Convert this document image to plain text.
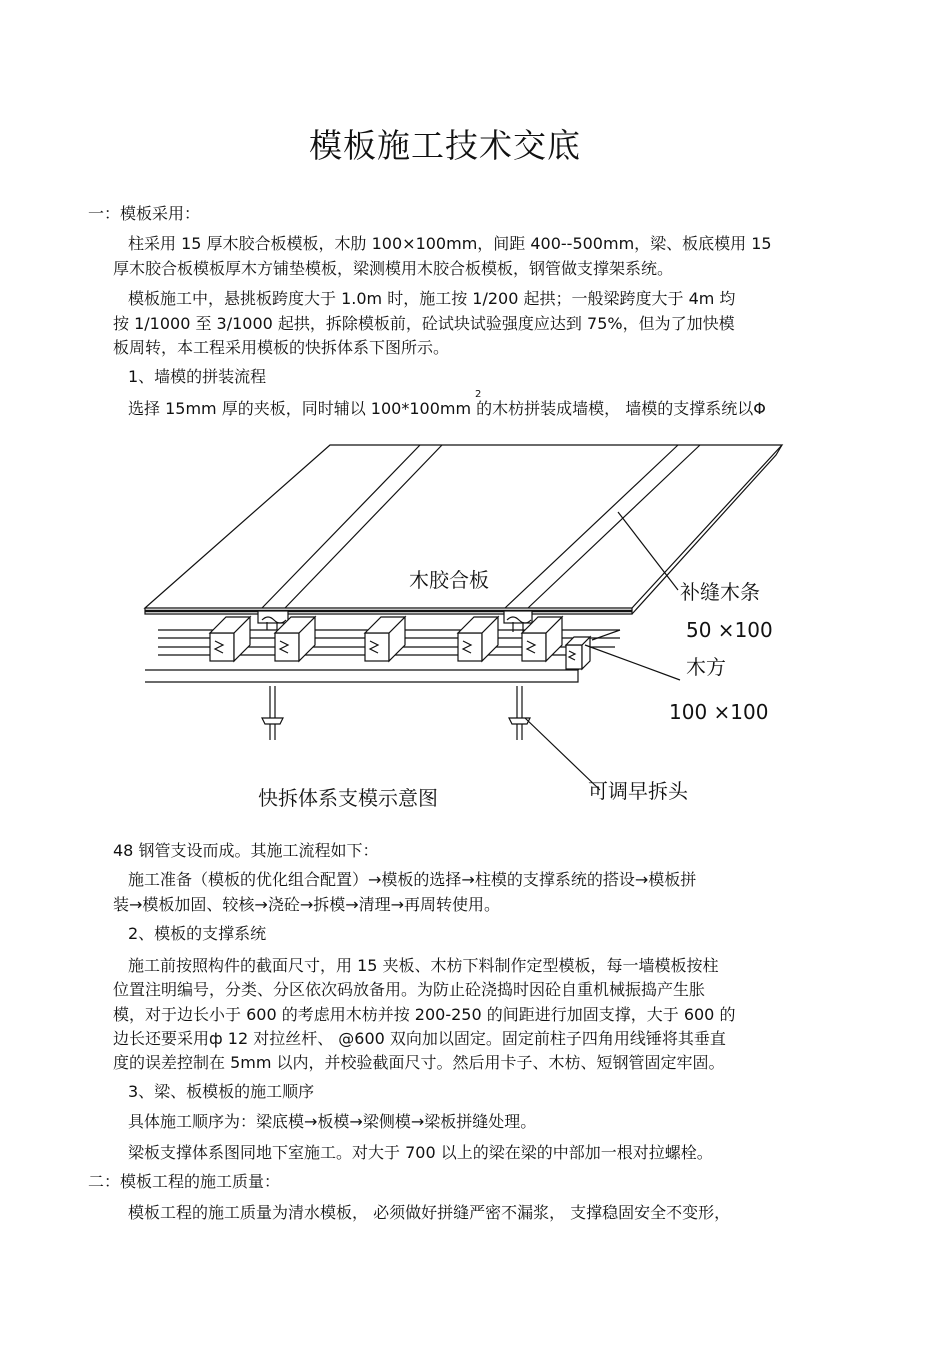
模板施工技术交底
一：模板采用：
柱采用 15 厚木胶合板模板，木肋 100×100mm，间距 400--500mm，梁、板底模用 15
厚木胶合板模板厚木方铺垫模板，梁测模用木胶合板模板，钢管做支撑架系统。
模板施工中，悬挑板跨度大于 1.0m 时，施工按 1/200 起拱；一般梁跨度大于 4m 均
按 1/1000 至 3/1000 起拱，拆除模板前，砼试块试验强度应达到 75%，但为了加快模
板周转，本工程采用模板的快拆体系下图所示。
1、墙模的拼装流程
选择 15mm 厚的夹板，同时辅以 100*100mm 的木枋拼装成墙模， 墙模的支撑系统以Φ
2
木胶合板	补缝木条
50 ×100
木方
100 ×100
可调早拆头
快拆体系支模示意图
48 钢管支设而成。其施工流程如下：
施工准备（模板的优化组合配置）→模板的选择→柱模的支撑系统的搭设→模板拼
装→模板加固、较核→浇砼→拆模→清理→再周转使用。
2、模板的支撑系统
施工前按照构件的截面尺寸，用 15 夹板、木枋下料制作定型模板，每一墙模板按柱
位置注明编号，分类、分区依次码放备用。为防止砼浇捣时因砼自重机械振捣产生胀
模，对于边长小于 600 的考虑用木枋并按 200-250 的间距进行加固支撑，大于 600 的
边长还要采用ф 12 对拉丝杆、 @600 双向加以固定。固定前柱子四角用线锤将其垂直
度的误差控制在 5mm 以内，并校验截面尺寸。然后用卡子、木枋、短钢管固定牢固。
3、梁、板模板的施工顺序
具体施工顺序为：梁底模→板模→梁侧模→梁板拼缝处理。
梁板支撑体系图同地下室施工。对大于 700 以上的梁在梁的中部加一根对拉螺栓。
二：模板工程的施工质量：
模板工程的施工质量为清水模板， 必须做好拼缝严密不漏浆， 支撑稳固安全不变形，
